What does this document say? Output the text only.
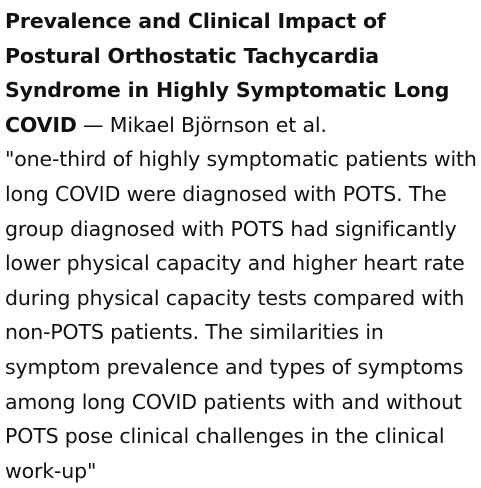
Prevalence and Clinical Impact of Postural Orthostatic Tachycardia Syndrome in Highly Symptomatic Long COVID — Mikael Björnson et al.
"one-third of highly symptomatic patients with long COVID were diagnosed with POTS. The group diagnosed with POTS had significantly lower physical capacity and higher heart rate during physical capacity tests compared with non-POTS patients. The similarities in symptom prevalence and types of symptoms among long COVID patients with and without POTS pose clinical challenges in the clinical work-up"
